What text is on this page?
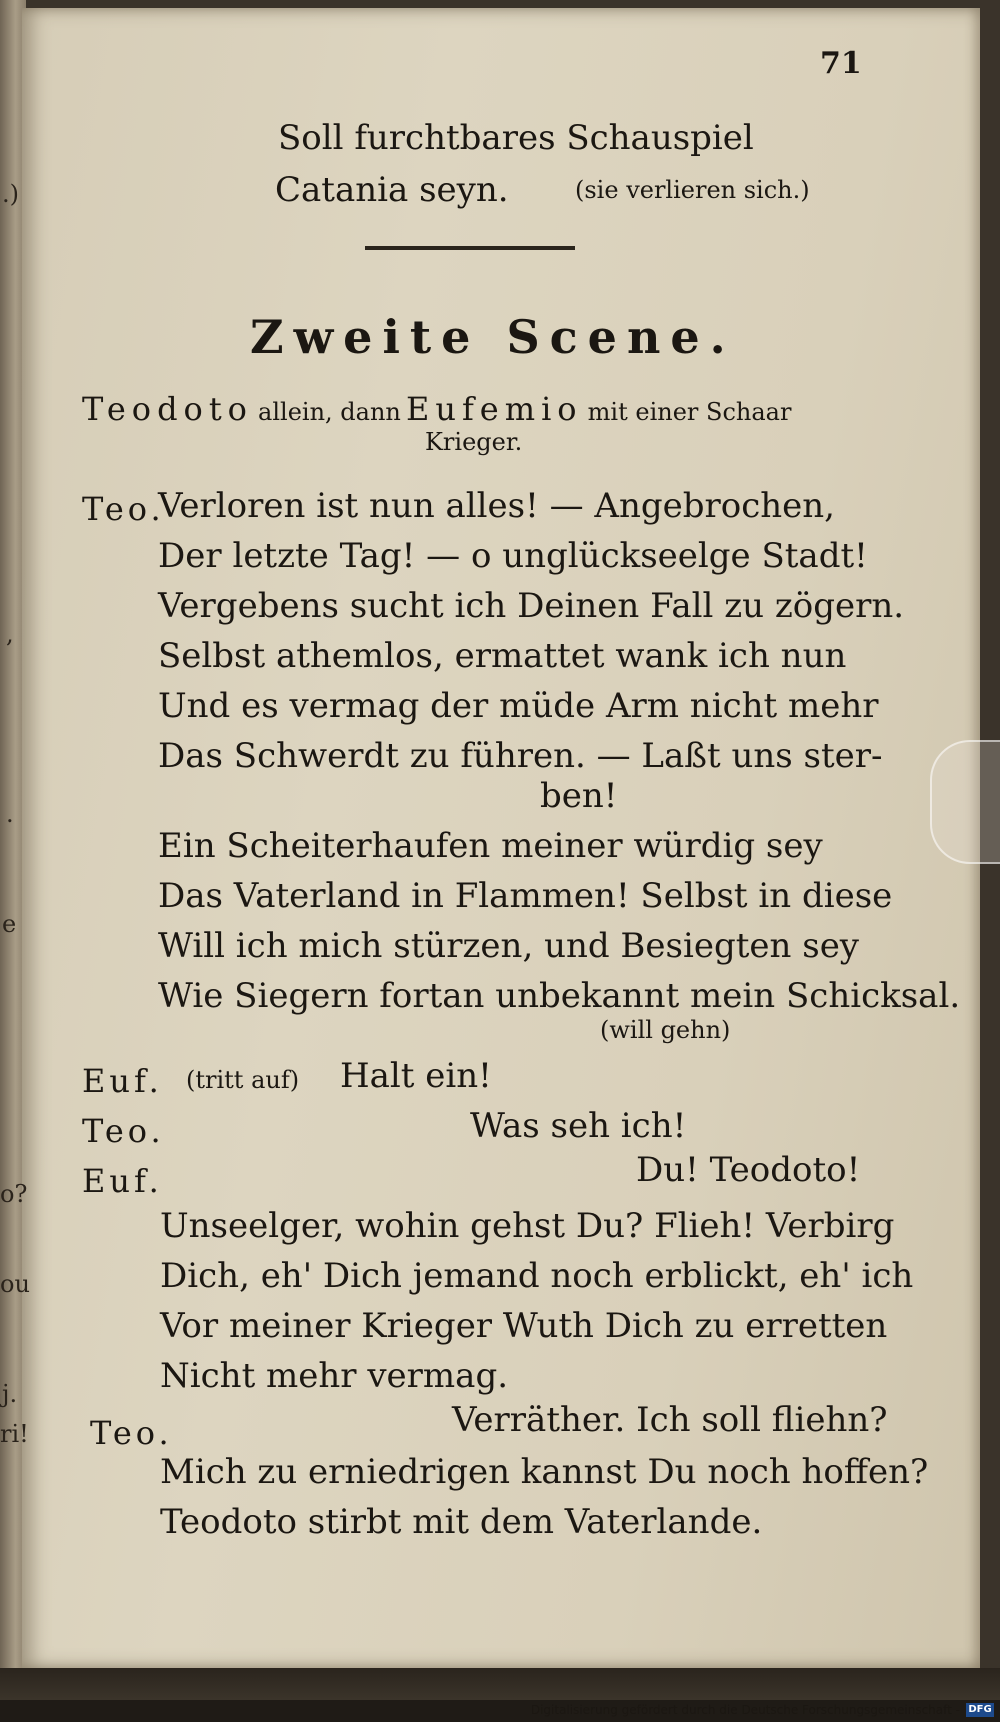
.)
,
.
e
o?
ou
j.
ri!
71
Soll furchtbares Schauspiel
Catania seyn.	(sie verlieren sich.)
Zweite Scene.
Teodoto allein, dann Eufemio mit einer Schaar
Krieger.
Teo.
Verloren ist nun alles! — Angebrochen,
Der letzte Tag! — o unglückseelge Stadt!
Vergebens sucht ich Deinen Fall zu zögern.
Selbst athemlos, ermattet wank ich nun
Und es vermag der müde Arm nicht mehr
Das Schwerdt zu führen. — Laßt uns ster-
ben!
Ein Scheiterhaufen meiner würdig sey
Das Vaterland in Flammen! Selbst in diese
Will ich mich stürzen, und Besiegten sey
Wie Siegern fortan unbekannt mein Schicksal.
(will gehn)
Euf. (tritt auf) Halt ein!
Teo.	Was seh ich!
Euf.	Du! Teodoto!
Unseelger, wohin gehst Du? Flieh! Verbirg
Dich, eh' Dich jemand noch erblickt, eh' ich
Vor meiner Krieger Wuth Dich zu erretten
Nicht mehr vermag.
Teo.	Verräther. Ich soll fliehn?
Mich zu erniedrigen kannst Du noch hoffen?
Teodoto stirbt mit dem Vaterlande.
Digitalisierung gefördert durch die Deutsche Forschungsgemeinschaft - DFG
